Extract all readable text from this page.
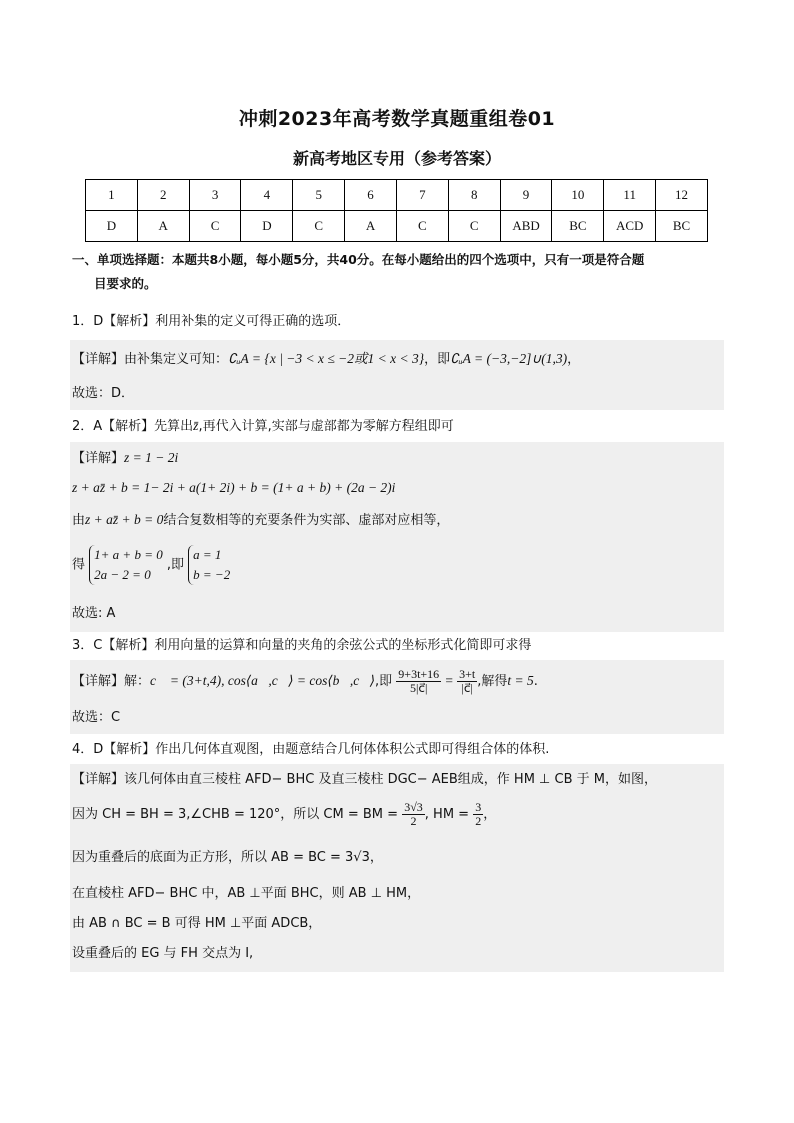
冲刺2023年高考数学真题重组卷01
新高考地区专用（参考答案）
1	2	3	4	5	6	7	8	9	10	11	12
D	A	C	D	C	A	C	C	ABD	BC	ACD	BC
一、单项选择题：本题共8小题，每小题5分，共40分。在每小题给出的四个选项中，只有一项是符合题
目要求的。
1．D【解析】利用补集的定义可得正确的选项．
【详解】由补集定义可知：∁ᵤA = {x | −3 < x ≤ −2或1 < x < 3}，即∁ᵤA = (−3,−2]∪(1,3)，
故选：D．
2．A【解析】先算出z̄,再代入计算,实部与虚部都为零解方程组即可
【详解】z = 1 − 2i
z + az̄ + b = 1− 2i + a(1+ 2i) + b = (1+ a + b) + (2a − 2)i
由z + az̄ + b = 0结合复数相等的充要条件为实部、虚部对应相等，
得
1+ a + b = 0
2a − 2 = 0
,即
a = 1
b = −2
故选: A
3．C【解析】利用向量的运算和向量的夹角的余弦公式的坐标形式化简即可求得
【详解】解：c⃗ = (3+t,4), cos⟨a⃗,c⃗⟩ = cos⟨b⃗,c⃗⟩,即 $\frac{9+3t+16}{5|c⃗|} = \frac{3+t}{|c⃗|}$ ,解得t = 5.
故选：C
4．D【解析】作出几何体直观图，由题意结合几何体体积公式即可得组合体的体积.
【详解】该几何体由直三棱柱 AFD− BHC 及直三棱柱 DGC− AEB组成，作 HM ⊥ CB 于 M，如图，
因为 CH = BH = 3,∠CHB = 120°，所以 CM = BM = $\frac{3√3}{2}$ , HM = $\frac{3}{2}$ ，
因为重叠后的底面为正方形，所以 AB = BC = 3√3，
在直棱柱 AFD− BHC 中，AB ⊥平面 BHC，则 AB ⊥ HM，
由 AB ∩ BC = B 可得 HM ⊥平面 ADCB，
设重叠后的 EG 与 FH 交点为 I,
